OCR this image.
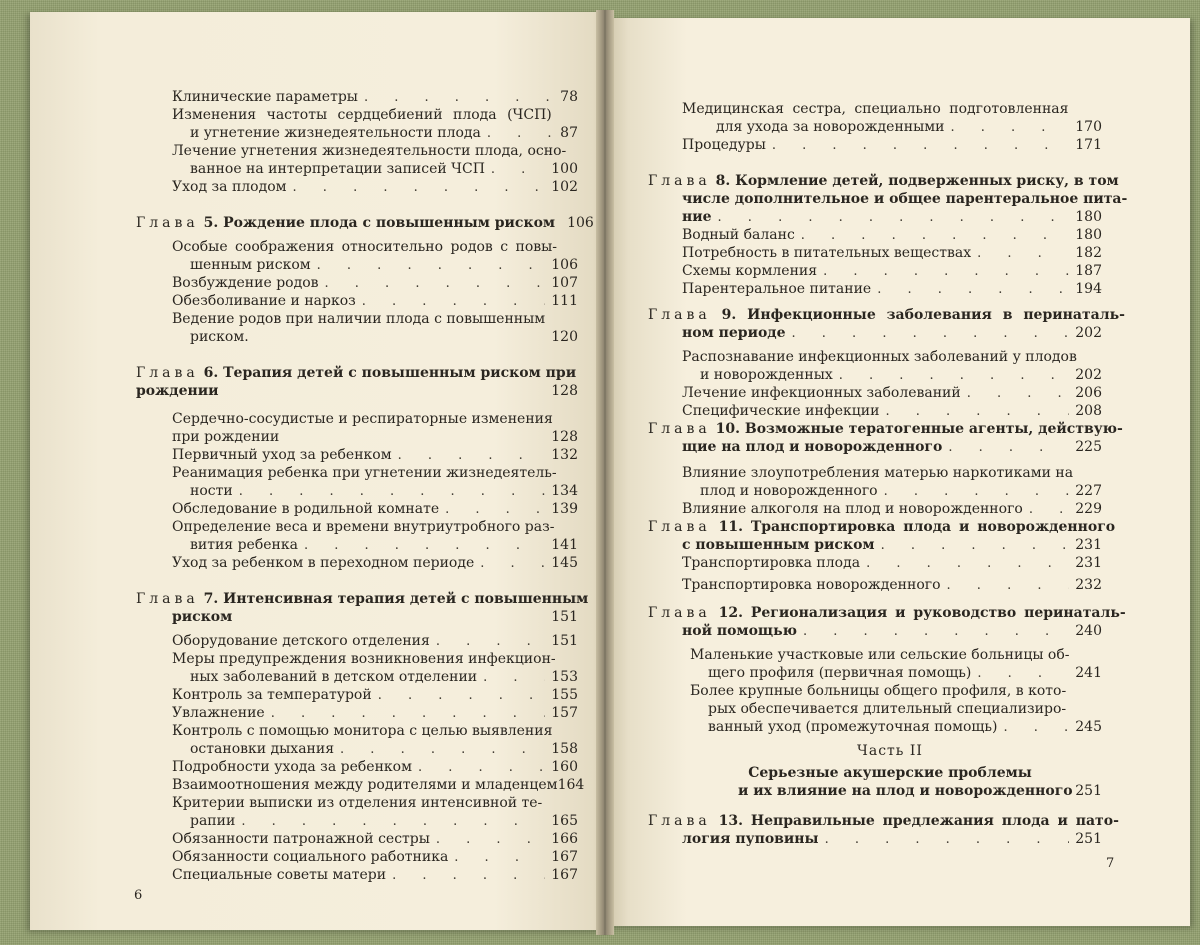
Клинические параметры . . .	78
Изменения частоты сердцебиений плода (ЧСП)
и угнетение жизнедеятельности плода . . .	87
Лечение угнетения жизнедеятельности плода, осно-
ванное на интерпретации записей ЧСП . . .	100
Уход за плодом . . .	102
Глава 5. Рождение плода с повышенным риском 106
Особые соображения относительно родов с повы-
шенным риском . . .	106
Возбуждение родов . . .	107
Обезболивание и наркоз . . .	111
Ведение родов при наличии плода с повышенным
риском.	120
Глава 6. Терапия детей с повышенным риском при
рождении	128
Сердечно-сосудистые и респираторные изменения
при рождении	128
Первичный уход за ребенком . . .	132
Реанимация ребенка при угнетении жизнедеятель-
ности . . .	134
Обследование в родильной комнате . . .	139
Определение веса и времени внутриутробного раз-
вития ребенка . . .	141
Уход за ребенком в переходном периоде . . .	145
Глава 7. Интенсивная терапия детей с повышенным
риском	151
Оборудование детского отделения . . .	151
Меры предупреждения возникновения инфекцион-
ных заболеваний в детском отделении . . .	153
Контроль за температурой . . .	155
Увлажнение . . .	157
Контроль с помощью монитора с целью выявления
остановки дыхания . . .	158
Подробности ухода за ребенком . . .	160
Взаимоотношения между родителями и младенцем 164
Критерии выписки из отделения интенсивной те-
рапии . . .	165
Обязанности патронажной сестры . . .	166
Обязанности социального работника . . .	167
Специальные советы матери . . .	167
6
Медицинская сестра, специально подготовленная
для ухода за новорожденными . . .	170
Процедуры . . .	171
Глава 8. Кормление детей, подверженных риску, в том
числе дополнительное и общее парентеральное пита-
ние . . .	180
Водный баланс . . .	180
Потребность в питательных веществах . . .	182
Схемы кормления . . .	187
Парентеральное питание . . .	194
Глава 9. Инфекционные заболевания в перинаталь-
ном периоде . . .	202
Распознавание инфекционных заболеваний у плодов
и новорожденных . . .	202
Лечение инфекционных заболеваний . . .	206
Специфические инфекции . . .	208
Глава 10. Возможные тератогенные агенты, действую-
щие на плод и новорожденного . . .	225
Влияние злоупотребления матерью наркотиками на
плод и новорожденного . . .	227
Влияние алкоголя на плод и новорожденного . . .	229
Глава 11. Транспортировка плода и новорожденного
с повышенным риском . . .	231
Транспортировка плода . . .	231
Транспортировка новорожденного . . .	232
Глава 12. Регионализация и руководство перинаталь-
ной помощью . . .	240
Маленькие участковые или сельские больницы об-
щего профиля (первичная помощь) . . .	241
Более крупные больницы общего профиля, в кото-
рых обеспечивается длительный специализиро-
ванный уход (промежуточная помощь) . . .	245
Часть II
Серьезные акушерские проблемы
и их влияние на плод и новорожденного 251
Глава 13. Неправильные предлежания плода и пато-
логия пуповины . . .	251
7
